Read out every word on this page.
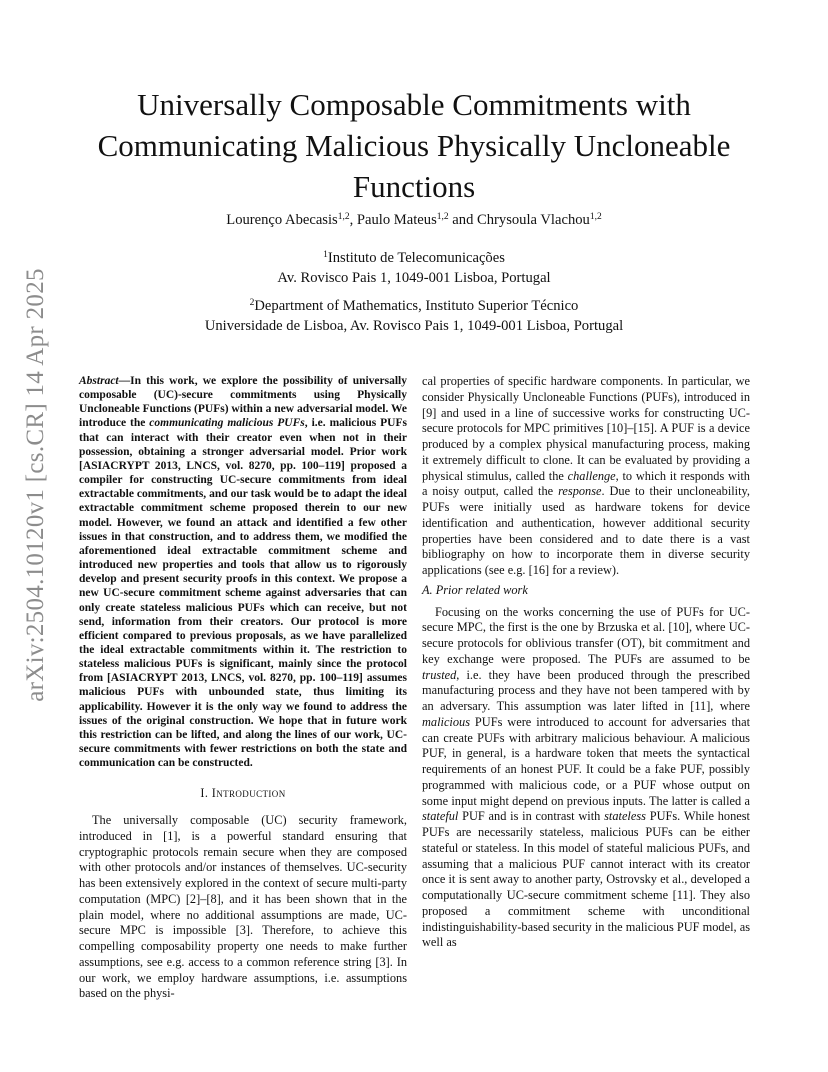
arXiv:2504.10120v1 [cs.CR] 14 Apr 2025
Universally Composable Commitments with
Communicating Malicious Physically Uncloneable
Functions
Lourenço Abecasis$^{1,2}$, Paulo Mateus$^{1,2}$ and Chrysoula Vlachou$^{1,2}$
$^1$Instituto de Telecomunicações
Av. Rovisco Pais 1, 1049-001 Lisboa, Portugal
$^2$Department of Mathematics, Instituto Superior Técnico
Universidade de Lisboa, Av. Rovisco Pais 1, 1049-001 Lisboa, Portugal

Abstract—In this work, we explore the possibility of universally composable (UC)-secure commitments using Physically Uncloneable Functions (PUFs) within a new adversarial model. We introduce the communicating malicious PUFs, i.e. malicious PUFs that can interact with their creator even when not in their possession, obtaining a stronger adversarial model. Prior work [ASIACRYPT 2013, LNCS, vol. 8270, pp. 100–119] proposed a compiler for constructing UC-secure commitments from ideal extractable commitments, and our task would be to adapt the ideal extractable commitment scheme proposed therein to our new model. However, we found an attack and identified a few other issues in that construction, and to address them, we modified the aforementioned ideal extractable commitment scheme and introduced new properties and tools that allow us to rigorously develop and present security proofs in this context. We propose a new UC-secure commitment scheme against adversaries that can only create stateless malicious PUFs which can receive, but not send, information from their creators. Our protocol is more efficient compared to previous proposals, as we have parallelized the ideal extractable commitments within it. The restriction to stateless malicious PUFs is significant, mainly since the protocol from [ASIACRYPT 2013, LNCS, vol. 8270, pp. 100–119] assumes malicious PUFs with unbounded state, thus limiting its applicability. However it is the only way we found to address the issues of the original construction. We hope that in future work this restriction can be lifted, and along the lines of our work, UC-secure commitments with fewer restrictions on both the state and communication can be constructed.

I. Introduction

The universally composable (UC) security framework, introduced in [1], is a powerful standard ensuring that cryptographic protocols remain secure when they are composed with other protocols and/or instances of themselves. UC-security has been extensively explored in the context of secure multi-party computation (MPC) [2]–[8], and it has been shown that in the plain model, where no additional assumptions are made, UC-secure MPC is impossible [3]. Therefore, to achieve this compelling composability property one needs to make further assumptions, see e.g. access to a common reference string [3]. In our work, we employ hardware assumptions, i.e. assumptions based on the physi-

cal properties of specific hardware components. In particular, we consider Physically Uncloneable Functions (PUFs), introduced in [9] and used in a line of successive works for constructing UC-secure protocols for MPC primitives [10]–[15]. A PUF is a device produced by a complex physical manufacturing process, making it extremely difficult to clone. It can be evaluated by providing a physical stimulus, called the challenge, to which it responds with a noisy output, called the response. Due to their uncloneability, PUFs were initially used as hardware tokens for device identification and authentication, however additional security properties have been considered and to date there is a vast bibliography on how to incorporate them in diverse security applications (see e.g. [16] for a review).

A. Prior related work

Focusing on the works concerning the use of PUFs for UC-secure MPC, the first is the one by Brzuska et al. [10], where UC-secure protocols for oblivious transfer (OT), bit commitment and key exchange were proposed. The PUFs are assumed to be trusted, i.e. they have been produced through the prescribed manufacturing process and they have not been tampered with by an adversary. This assumption was later lifted in [11], where malicious PUFs were introduced to account for adversaries that can create PUFs with arbitrary malicious behaviour. A malicious PUF, in general, is a hardware token that meets the syntactical requirements of an honest PUF. It could be a fake PUF, possibly programmed with malicious code, or a PUF whose output on some input might depend on previous inputs. The latter is called a stateful PUF and is in contrast with stateless PUFs. While honest PUFs are necessarily stateless, malicious PUFs can be either stateful or stateless. In this model of stateful malicious PUFs, and assuming that a malicious PUF cannot interact with its creator once it is sent away to another party, Ostrovsky et al., developed a computationally UC-secure commitment scheme [11]. They also proposed a commitment scheme with unconditional indistinguishability-based security in the malicious PUF model, as well as
